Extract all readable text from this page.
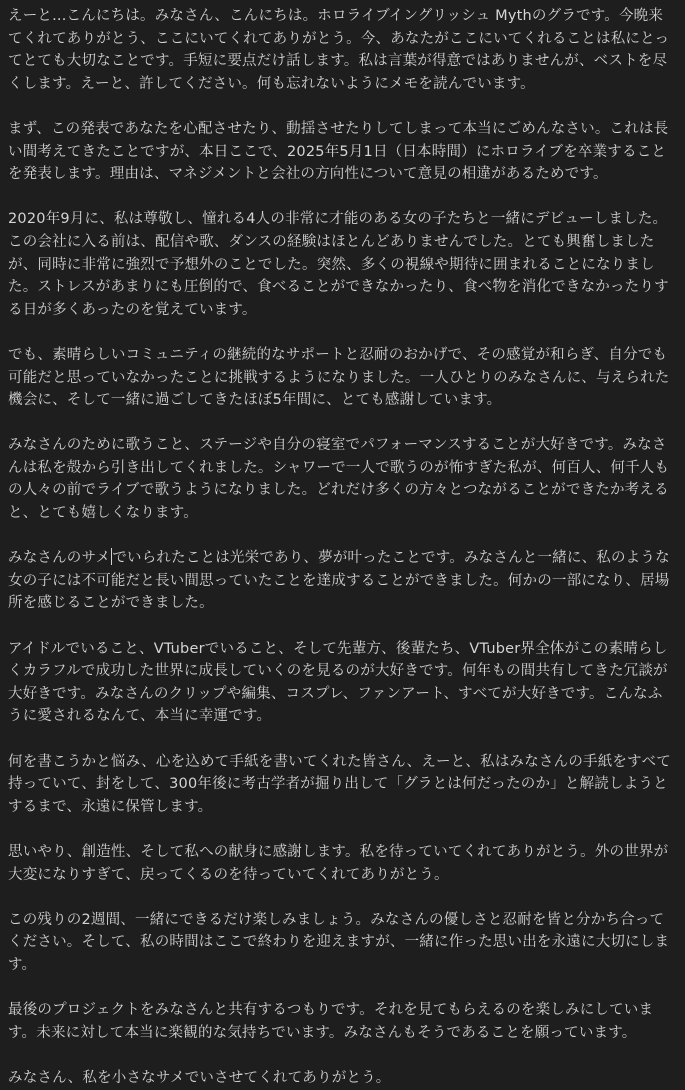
えーと...こんにちは。みなさん、こんにちは。ホロライブイングリッシュ Mythのグラです。今晩来てくれてありがとう、ここにいてくれてありがとう。今、あなたがここにいてくれることは私にとってとても大切なことです。手短に要点だけ話します。私は言葉が得意ではありませんが、ベストを尽くします。えーと、許してください。何も忘れないようにメモを読んでいます。

まず、この発表であなたを心配させたり、動揺させたりしてしまって本当にごめんなさい。これは長い間考えてきたことですが、本日ここで、2025年5月1日（日本時間）にホロライブを卒業することを発表します。理由は、マネジメントと会社の方向性について意見の相違があるためです。

2020年9月に、私は尊敬し、憧れる4人の非常に才能のある女の子たちと一緒にデビューしました。この会社に入る前は、配信や歌、ダンスの経験はほとんどありませんでした。とても興奮しましたが、同時に非常に強烈で予想外のことでした。突然、多くの視線や期待に囲まれることになりました。ストレスがあまりにも圧倒的で、食べることができなかったり、食べ物を消化できなかったりする日が多くあったのを覚えています。

でも、素晴らしいコミュニティの継続的なサポートと忍耐のおかげで、その感覚が和らぎ、自分でも可能だと思っていなかったことに挑戦するようになりました。一人ひとりのみなさんに、与えられた機会に、そして一緒に過ごしてきたほぼ5年間に、とても感謝しています。

みなさんのために歌うこと、ステージや自分の寝室でパフォーマンスすることが大好きです。みなさんは私を殻から引き出してくれました。シャワーで一人で歌うのが怖すぎた私が、何百人、何千人もの人々の前でライブで歌うようになりました。どれだけ多くの方々とつながることができたか考えると、とても嬉しくなります。

みなさんのサメ でいられたことは光栄であり、夢が叶ったことです。みなさんと一緒に、私のような女の子には不可能だと長い間思っていたことを達成することができました。何かの一部になり、居場所を感じることができました。

アイドルでいること、VTuberでいること、そして先輩方、後輩たち、VTuber界全体がこの素晴らしくカラフルで成功した世界に成長していくのを見るのが大好きです。何年もの間共有してきた冗談が大好きです。みなさんのクリップや編集、コスプレ、ファンアート、すべてが大好きです。こんなふうに愛されるなんて、本当に幸運です。

何を書こうかと悩み、心を込めて手紙を書いてくれた皆さん、えーと、私はみなさんの手紙をすべて持っていて、封をして、300年後に考古学者が掘り出して「グラとは何だったのか」と解読しようとするまで、永遠に保管します。

思いやり、創造性、そして私への献身に感謝します。私を待っていてくれてありがとう。外の世界が大変になりすぎて、戻ってくるのを待っていてくれてありがとう。

この残りの2週間、一緒にできるだけ楽しみましょう。みなさんの優しさと忍耐を皆と分かち合ってください。そして、私の時間はここで終わりを迎えますが、一緒に作った思い出を永遠に大切にします。

最後のプロジェクトをみなさんと共有するつもりです。それを見てもらえるのを楽しみにしています。未来に対して本当に楽観的な気持ちでいます。みなさんもそうであることを願っています。

みなさん、私を小さなサメでいさせてくれてありがとう。
